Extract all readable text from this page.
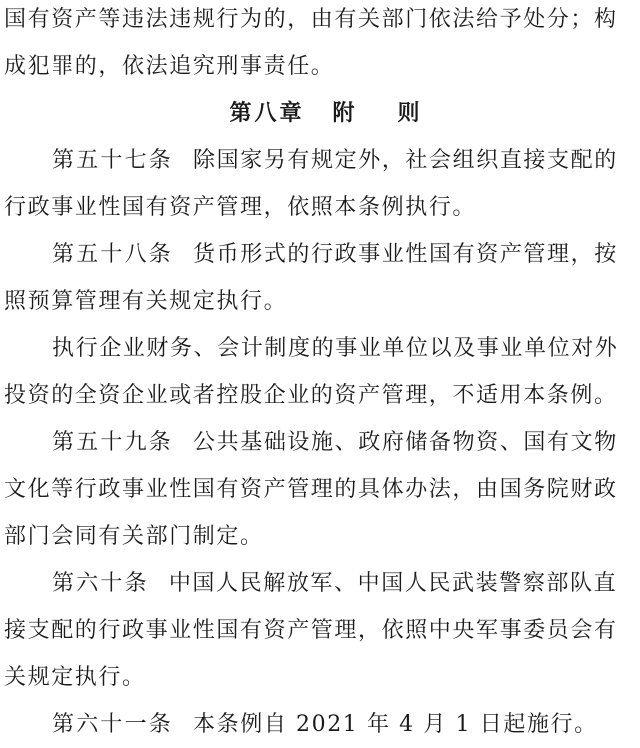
国有资产等违法违规行为的，由有关部门依法给予处分；构
成犯罪的，依法追究刑事责任。
第八章 附 则
第五十七条 除国家另有规定外，社会组织直接支配的
行政事业性国有资产管理，依照本条例执行。
第五十八条 货币形式的行政事业性国有资产管理，按
照预算管理有关规定执行。
执行企业财务、会计制度的事业单位以及事业单位对外
投资的全资企业或者控股企业的资产管理，不适用本条例。
第五十九条 公共基础设施、政府储备物资、国有文物
文化等行政事业性国有资产管理的具体办法，由国务院财政
部门会同有关部门制定。
第六十条 中国人民解放军、中国人民武装警察部队直
接支配的行政事业性国有资产管理，依照中央军事委员会有
关规定执行。
第六十一条 本条例自 2021 年 4 月 1 日起施行。
